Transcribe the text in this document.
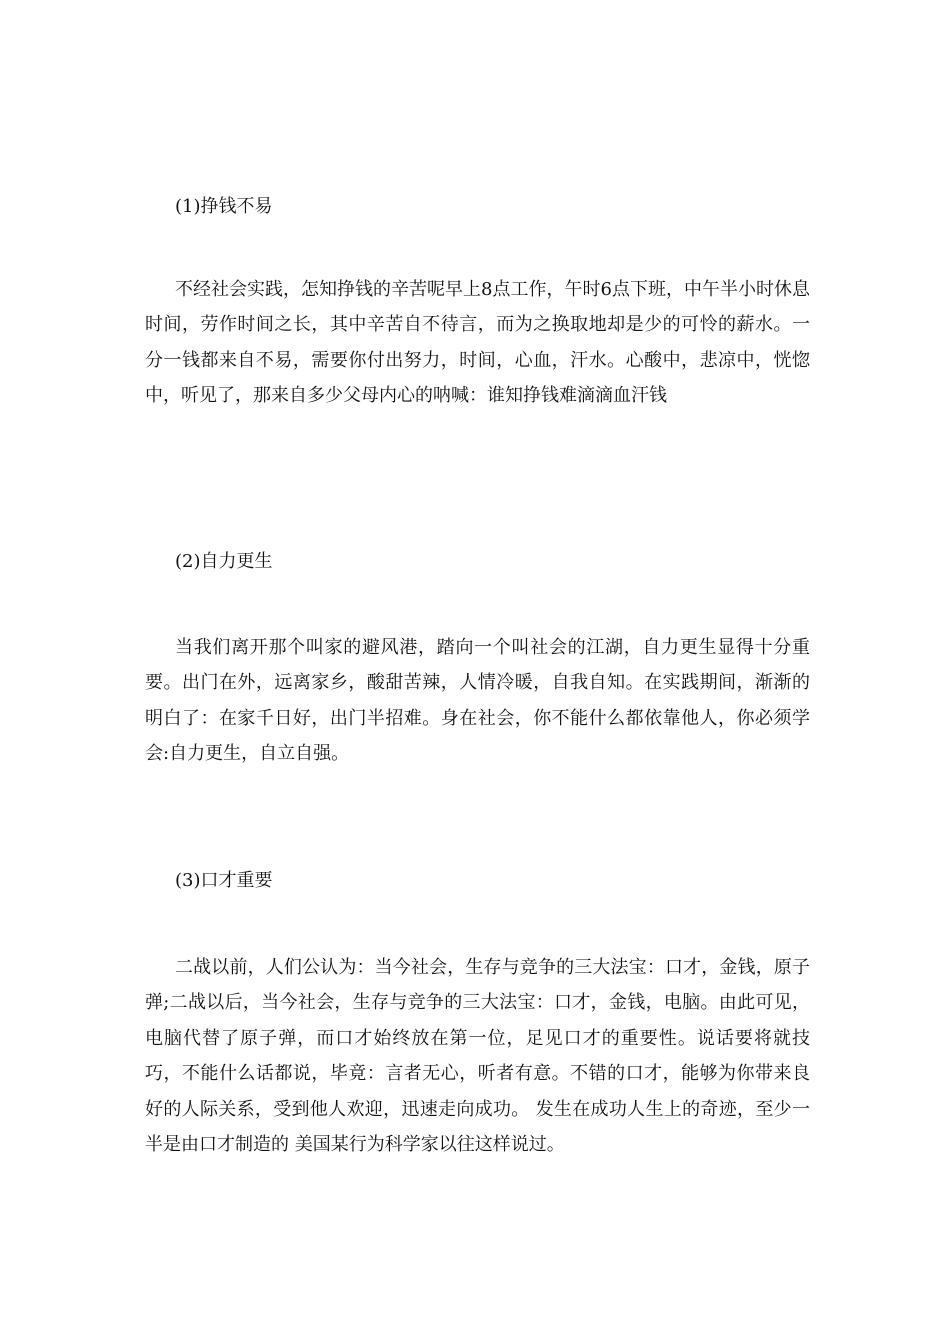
(1)挣钱不易

不经社会实践，怎知挣钱的辛苦呢早上8点工作，午时6点下班，中午半小时休息时间，劳作时间之长，其中辛苦自不待言，而为之换取地却是少的可怜的薪水。一分一钱都来自不易，需要你付出努力，时间，心血，汗水。心酸中，悲凉中，恍惚中，听见了，那来自多少父母内心的呐喊：谁知挣钱难滴滴血汗钱

(2)自力更生

当我们离开那个叫家的避风港，踏向一个叫社会的江湖，自力更生显得十分重要。出门在外，远离家乡，酸甜苦辣，人情冷暖，自我自知。在实践期间，渐渐的明白了：在家千日好，出门半招难。身在社会，你不能什么都依靠他人，你必须学会:自力更生，自立自强。

(3)口才重要

二战以前，人们公认为：当今社会，生存与竞争的三大法宝：口才，金钱，原子弹;二战以后，当今社会，生存与竞争的三大法宝：口才，金钱，电脑。由此可见，电脑代替了原子弹，而口才始终放在第一位，足见口才的重要性。说话要将就技巧，不能什么话都说，毕竟：言者无心，听者有意。不错的口才，能够为你带来良好的人际关系，受到他人欢迎，迅速走向成功。 发生在成功人生上的奇迹，至少一半是由口才制造的 美国某行为科学家以往这样说过。
